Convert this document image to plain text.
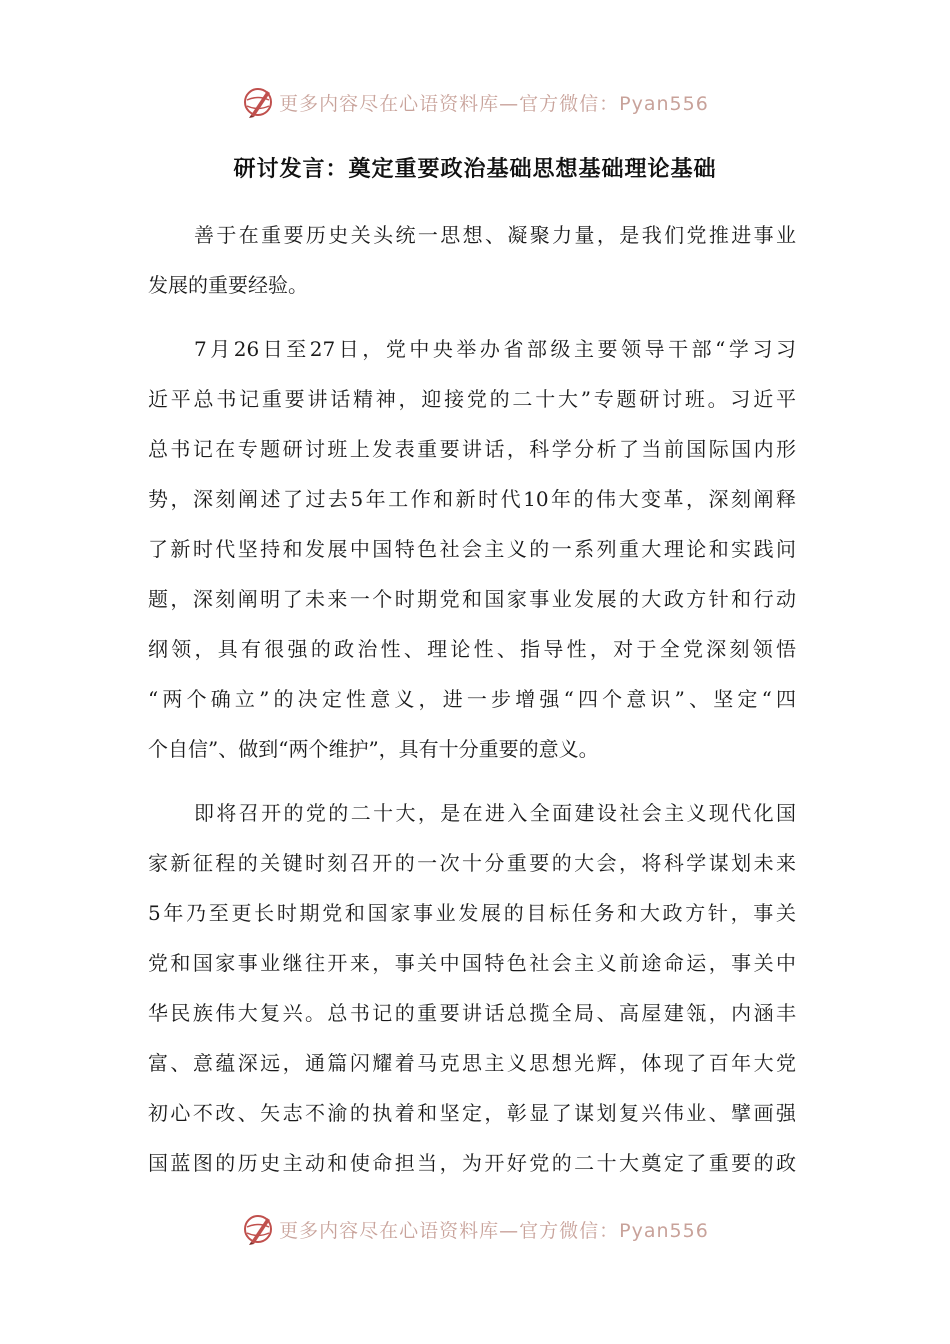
更多内容尽在心语资料库—官方微信：Pyan556
研讨发言：奠定重要政治基础思想基础理论基础
善于在重要历史关头统一思想、凝聚力量，是我们党推进事业
发展的重要经验。
7月26日至27日，党中央举办省部级主要领导干部“学习习
近平总书记重要讲话精神，迎接党的二十大”专题研讨班。习近平
总书记在专题研讨班上发表重要讲话，科学分析了当前国际国内形
势，深刻阐述了过去5年工作和新时代10年的伟大变革，深刻阐释
了新时代坚持和发展中国特色社会主义的一系列重大理论和实践问
题，深刻阐明了未来一个时期党和国家事业发展的大政方针和行动
纲领，具有很强的政治性、理论性、指导性，对于全党深刻领悟
“两个确立”的决定性意义，进一步增强“四个意识”、坚定“四
个自信”、做到“两个维护”，具有十分重要的意义。
即将召开的党的二十大，是在进入全面建设社会主义现代化国
家新征程的关键时刻召开的一次十分重要的大会，将科学谋划未来
5年乃至更长时期党和国家事业发展的目标任务和大政方针，事关
党和国家事业继往开来，事关中国特色社会主义前途命运，事关中
华民族伟大复兴。总书记的重要讲话总揽全局、高屋建瓴，内涵丰
富、意蕴深远，通篇闪耀着马克思主义思想光辉，体现了百年大党
初心不改、矢志不渝的执着和坚定，彰显了谋划复兴伟业、擘画强
国蓝图的历史主动和使命担当，为开好党的二十大奠定了重要的政
更多内容尽在心语资料库—官方微信：Pyan556
